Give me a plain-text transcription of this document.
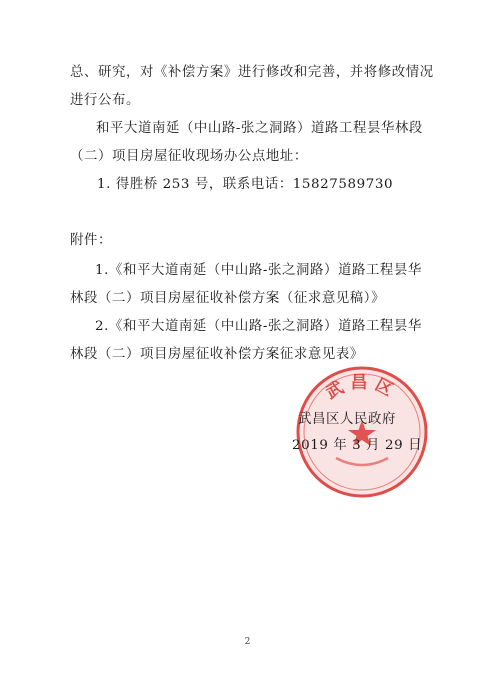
总、研究，对《补偿方案》进行修改和完善，并将修改情况
进行公布。
和平大道南延（中山路-张之洞路）道路工程昙华林段
（二）项目房屋征收现场办公点地址：
1. 得胜桥 253 号，联系电话：15827589730
附件：
1.《和平大道南延（中山路-张之洞路）道路工程昙华
林段（二）项目房屋征收补偿方案（征求意见稿）》
2.《和平大道南延（中山路-张之洞路）道路工程昙华
林段（二）项目房屋征收补偿方案征求意见表》
武昌区
武昌区人民政府
2019 年 3 月 29 日
2
